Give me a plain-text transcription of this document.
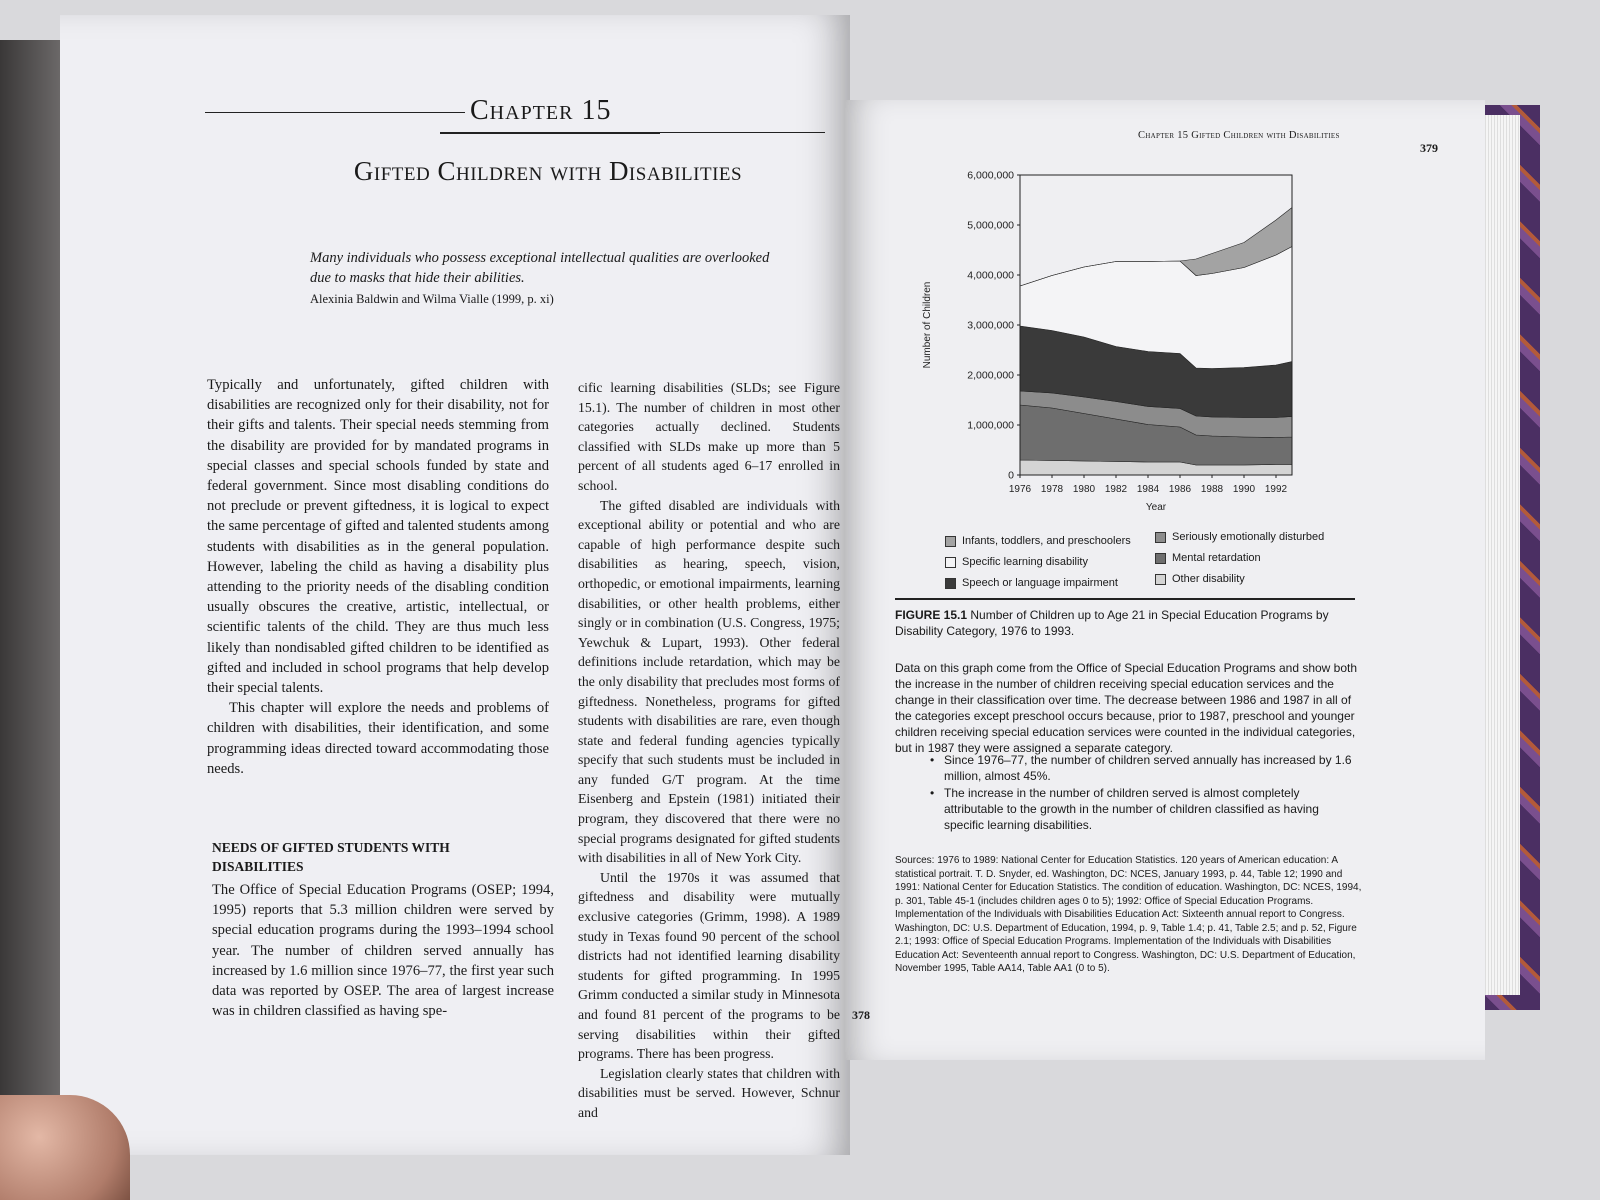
Chapter 15
Gifted Children with Disabilities
Many individuals who possess exceptional intellectual qualities are overlooked due to masks that hide their abilities.
Alexinia Baldwin and Wilma Vialle (1999, p. xi)

Typically and unfortunately, gifted children with disabilities are recognized only for their disability, not for their gifts and talents. Their special needs stemming from the disability are provided for by mandated programs in special classes and special schools funded by state and federal government. Since most disabling conditions do not preclude or prevent giftedness, it is logical to expect the same percentage of gifted and talented students among students with disabilities as in the general population. However, labeling the child as having a disability plus attending to the priority needs of the disabling condition usually obscures the creative, artistic, intellectual, or scientific talents of the child. They are thus much less likely than nondisabled gifted children to be identified as gifted and included in school programs that help develop their special talents.

This chapter will explore the needs and problems of children with disabilities, their identification, and some programming ideas directed toward accommodating those needs.

NEEDS OF GIFTED STUDENTS WITH DISABILITIES

The Office of Special Education Programs (OSEP; 1994, 1995) reports that 5.3 million children were served by special education programs during the 1993–1994 school year. The number of children served annually has increased by 1.6 million since 1976–77, the first year such data was reported by OSEP. The area of largest increase was in children classified as having spe-

cific learning disabilities (SLDs; see Figure 15.1). The number of children in most other categories actually declined. Students classified with SLDs make up more than 5 percent of all students aged 6–17 enrolled in school.

The gifted disabled are individuals with exceptional ability or potential and who are capable of high performance despite such disabilities as hearing, speech, vision, orthopedic, or emotional impairments, learning disabilities, or other health problems, either singly or in combination (U.S. Congress, 1975; Yewchuk & Lupart, 1993). Other federal definitions include retardation, which may be the only disability that precludes most forms of giftedness. Nonetheless, programs for gifted students with disabilities are rare, even though state and federal funding agencies typically specify that such students must be included in any funded G/T program. At the time Eisenberg and Epstein (1981) initiated their program, they discovered that there were no special programs designated for gifted students with disabilities in all of New York City.

Until the 1970s it was assumed that giftedness and disability were mutually exclusive categories (Grimm, 1998). A 1989 study in Texas found 90 percent of the school districts had not identified learning disability students for gifted programming. In 1995 Grimm conducted a similar study in Minnesota and found 81 percent of the programs to be serving disabilities within their gifted programs. There has been progress.

Legislation clearly states that children with disabilities must be served. However, Schnur and

378
Chapter 15 Gifted Children with Disabilities
379
0
1,000,000
2,000,000
3,000,000
4,000,000
5,000,000
6,000,000
1976 1978 1980 1982 1984 1986 1988 1990 1992
Number of Children
Year
Infants, toddlers, and preschoolers
Specific learning disability
Speech or language impairment
Seriously emotionally disturbed
Mental retardation
Other disability
FIGURE 15.1 Number of Children up to Age 21 in Special Education Programs by Disability Category, 1976 to 1993.
Data on this graph come from the Office of Special Education Programs and show both the increase in the number of children receiving special education services and the change in their classification over time. The decrease between 1986 and 1987 in all of the categories except preschool occurs because, prior to 1987, preschool and younger children receiving special education services were counted in the individual categories, but in 1987 they were assigned a separate category.
• Since 1976–77, the number of children served annually has increased by 1.6 million, almost 45%.
• The increase in the number of children served is almost completely attributable to the growth in the number of children classified as having specific learning disabilities.
Sources: 1976 to 1989: National Center for Education Statistics. 120 years of American education: A statistical portrait. T. D. Snyder, ed. Washington, DC: NCES, January 1993, p. 44, Table 12; 1990 and 1991: National Center for Education Statistics. The condition of education. Washington, DC: NCES, 1994, p. 301, Table 45-1 (includes children ages 0 to 5); 1992: Office of Special Education Programs. Implementation of the Individuals with Disabilities Education Act: Sixteenth annual report to Congress. Washington, DC: U.S. Department of Education, 1994, p. 9, Table 1.4; p. 41, Table 2.5; and p. 52, Figure 2.1; 1993: Office of Special Education Programs. Implementation of the Individuals with Disabilities Education Act: Seventeenth annual report to Congress. Washington, DC: U.S. Department of Education, November 1995, Table AA14, Table AA1 (0 to 5).
